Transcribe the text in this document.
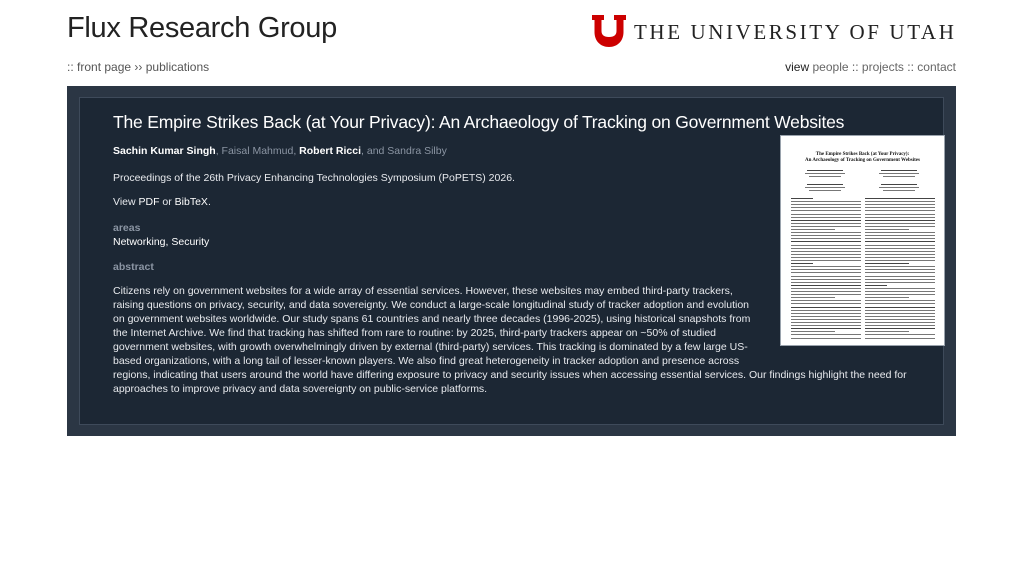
Flux Research Group	THE UNIVERSITY OF UTAH
:: front page ›› publications	view people :: projects :: contact
The Empire Strikes Back (at Your Privacy): An Archaeology of Tracking on Government Websites
Sachin Kumar Singh, Faisal Mahmud, Robert Ricci, and Sandra Silby
Proceedings of the 26th Privacy Enhancing Technologies Symposium (PoPETS) 2026.
View PDF or BibTeX.
areas
Networking, Security
abstract

Citizens rely on government websites for a wide array of essential services. However, these websites may embed third-party trackers,
raising questions on privacy, security, and data sovereignty. We conduct a large-scale longitudinal study of tracker adoption and evolution
on government websites worldwide. Our study spans 61 countries and nearly three decades (1996-2025), using historical snapshots from
the Internet Archive. We find that tracking has shifted from rare to routine: by 2025, third-party trackers appear on ~50% of studied
government websites, with growth overwhelmingly driven by external (third-party) services. This tracking is dominated by a few large US-
based organizations, with a long tail of lesser-known players. We also find great heterogeneity in tracker adoption and presence across
regions, indicating that users around the world have differing exposure to privacy and security issues when accessing essential services. Our findings highlight the need for
approaches to improve privacy and data sovereignty on public-service platforms.

The Empire Strikes Back (at Your Privacy):
An Archaeology of Tracking on Government Websites
